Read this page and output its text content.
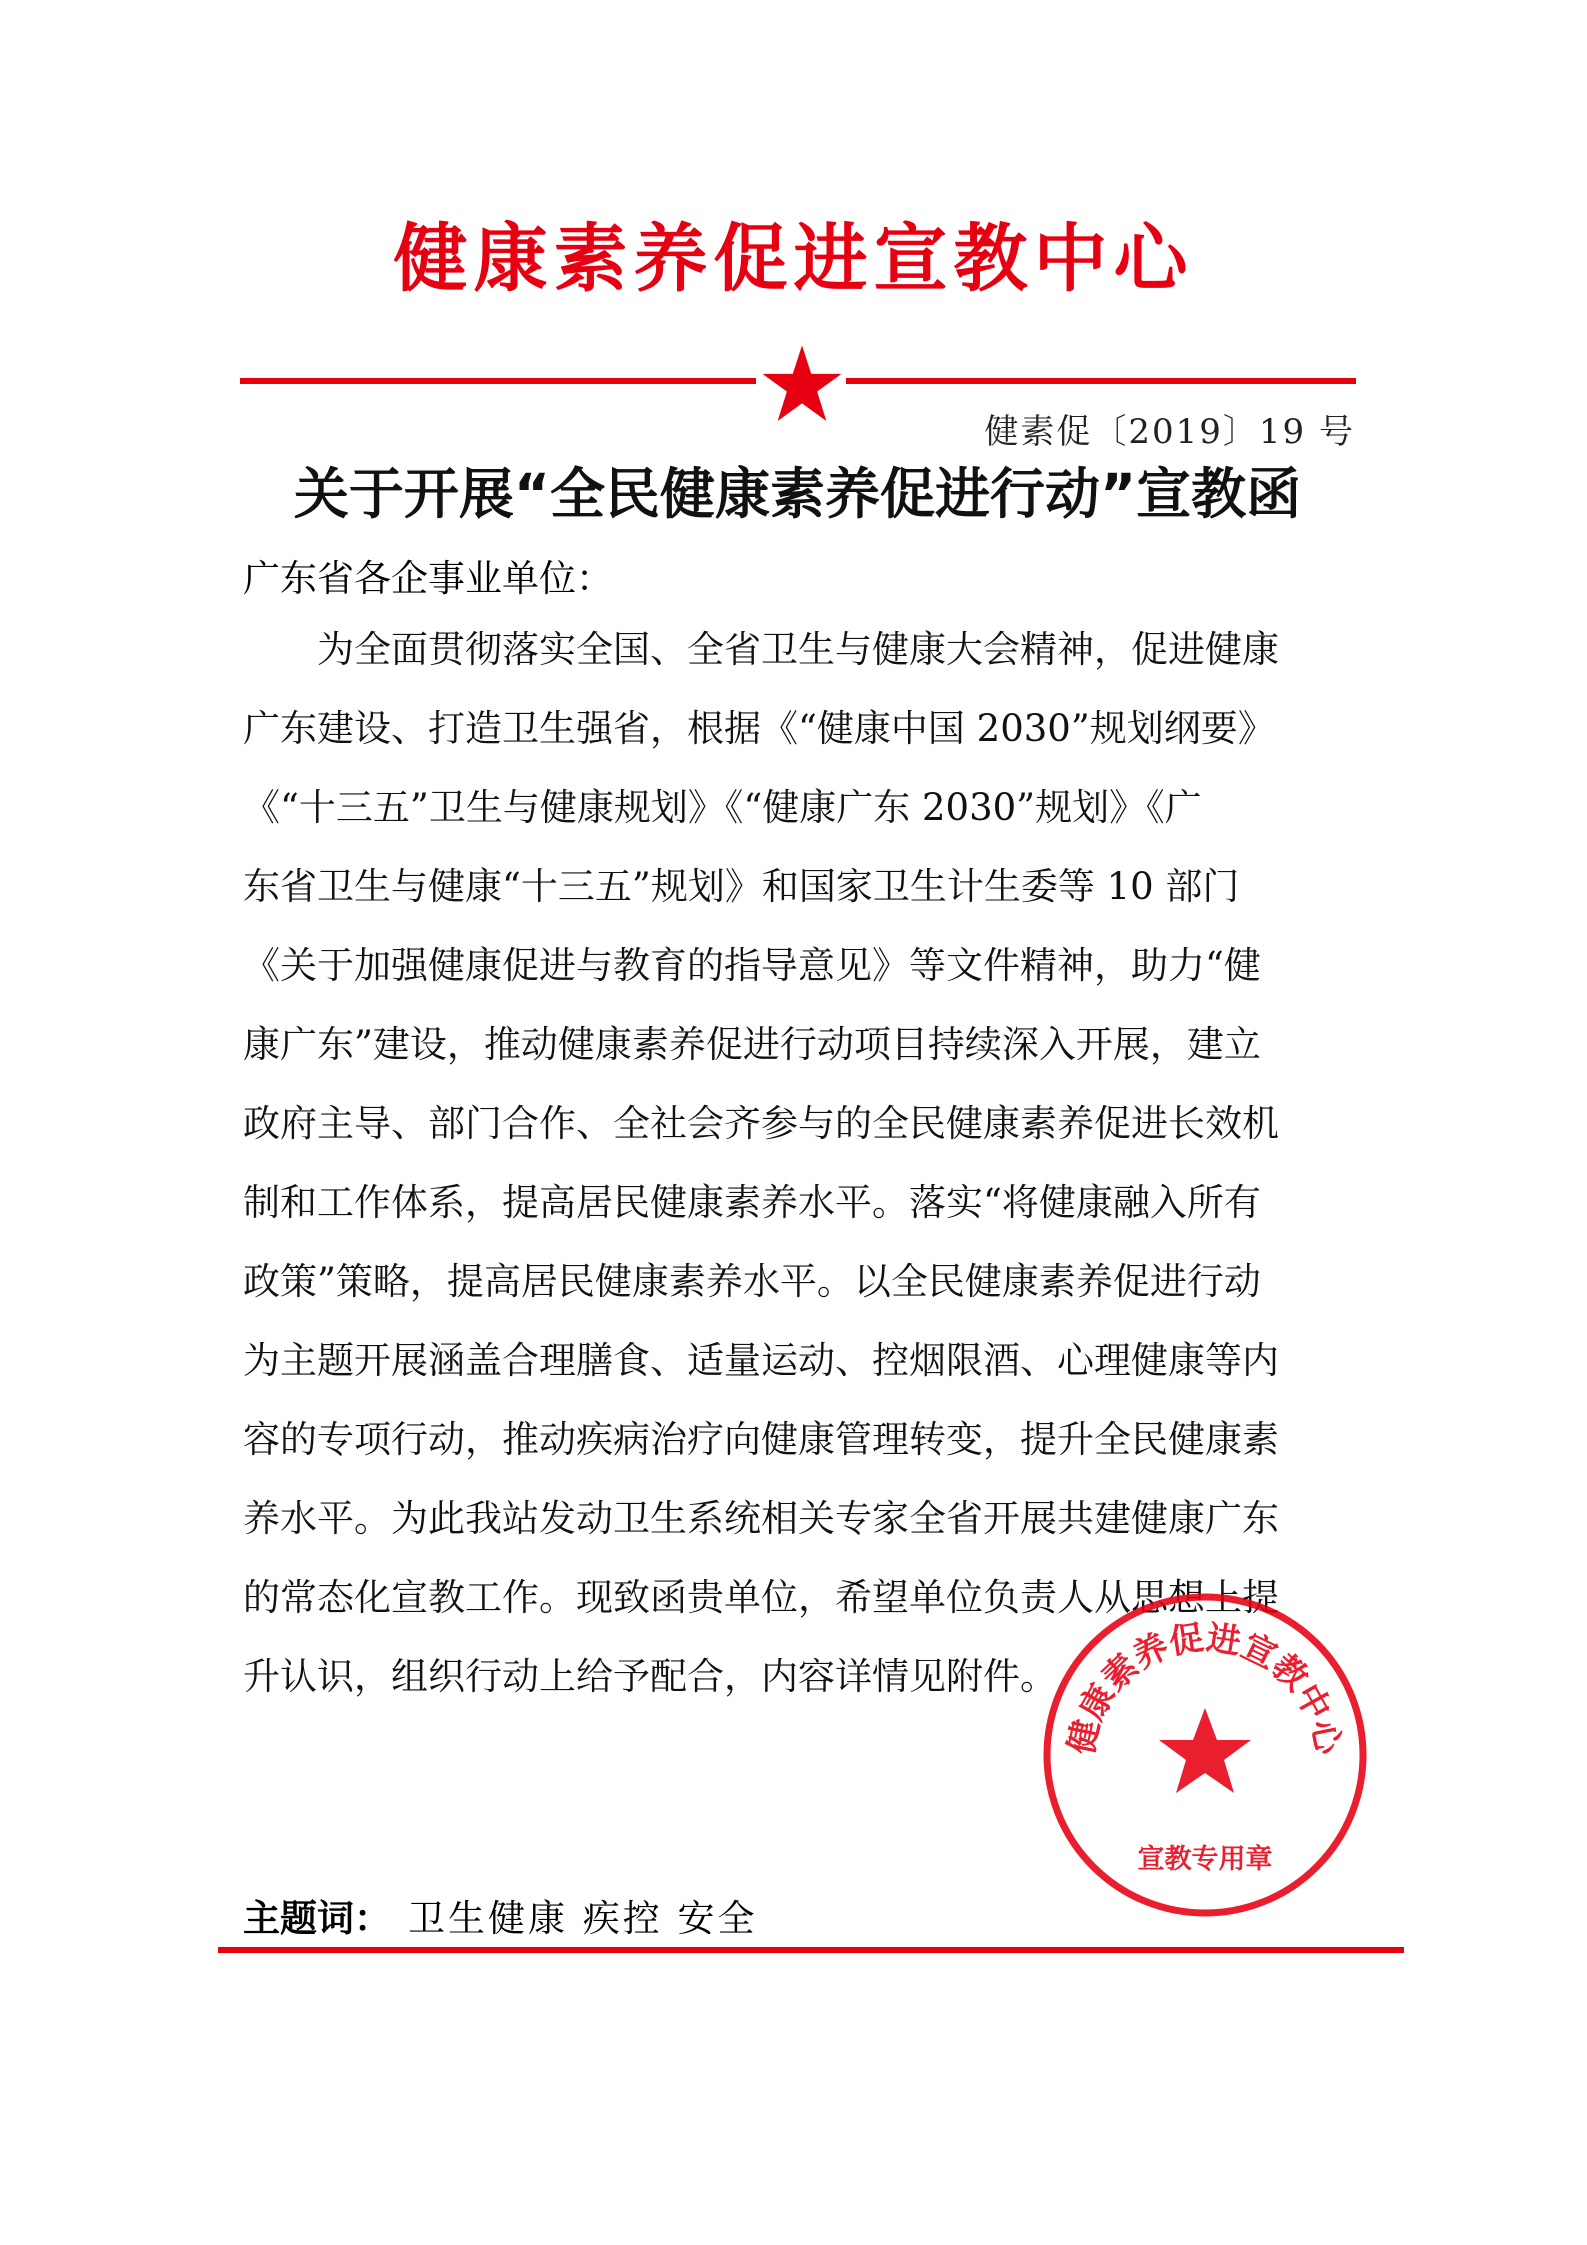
健康素养促进宣教中心
健素促〔2019〕19 号
关于开展“全民健康素养促进行动”宣教函
广东省各企事业单位：
为全面贯彻落实全国、全省卫生与健康大会精神，促进健康
广东建设、打造卫生强省，根据《“健康中国 2030”规划纲要》
《“十三五”卫生与健康规划》《“健康广东 2030”规划》《广
东省卫生与健康“十三五”规划》和国家卫生计生委等 10 部门
《关于加强健康促进与教育的指导意见》等文件精神，助力“健
康广东”建设，推动健康素养促进行动项目持续深入开展，建立
政府主导、部门合作、全社会齐参与的全民健康素养促进长效机
制和工作体系，提高居民健康素养水平。落实“将健康融入所有
政策”策略，提高居民健康素养水平。以全民健康素养促进行动
为主题开展涵盖合理膳食、适量运动、控烟限酒、心理健康等内
容的专项行动，推动疾病治疗向健康管理转变，提升全民健康素
养水平。为此我站发动卫生系统相关专家全省开展共建健康广东
的常态化宣教工作。现致函贵单位，希望单位负责人从思想上提
升认识，组织行动上给予配合，内容详情见附件。
健康素养促进宣教中心
宣教专用章
主题词： 卫生健康 疾控 安全
